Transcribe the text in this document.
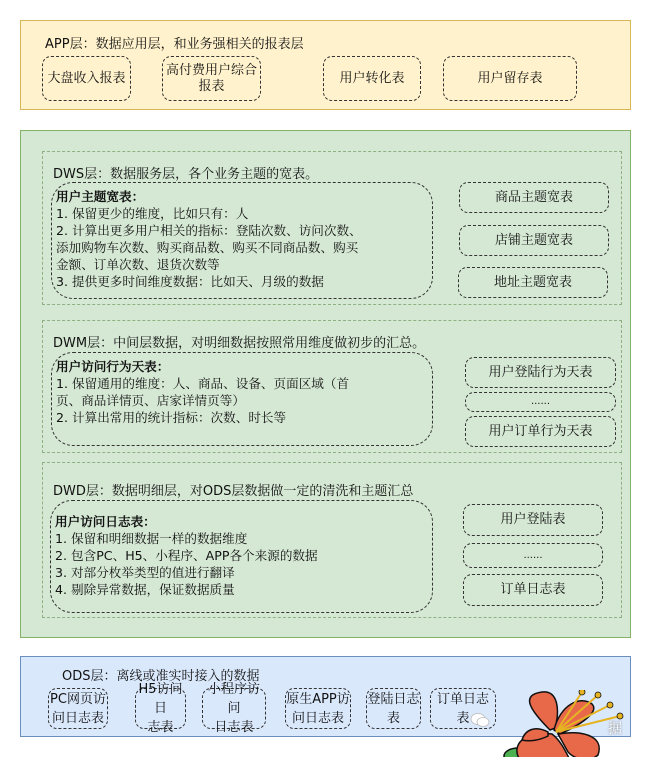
APP层：数据应用层，和业务强相关的报表层
大盘收入报表
高付费用户综合报表
用户转化表	用户留存表
DWS层：数据服务层，各个业务主题的宽表。
用户主题宽表：
1. 保留更少的维度，比如只有：人
2. 计算出更多用户相关的指标：登陆次数、访问次数、
添加购物车次数、购买商品数、购买不同商品数、购买
金额、订单次数、退货次数等
3. 提供更多时间维度数据：比如天、月级的数据
商品主题宽表
店铺主题宽表
地址主题宽表
DWM层：中间层数据，对明细数据按照常用维度做初步的汇总。
用户访问行为天表：
1. 保留通用的维度：人、商品、设备、页面区域（首
页、商品详情页、店家详情页等）
2. 计算出常用的统计指标：次数、时长等
用户登陆行为天表
......
用户订单行为天表
DWD层：数据明细层，对ODS层数据做一定的清洗和主题汇总
用户访问日志表：
1. 保留和明细数据一样的数据维度
2. 包含PC、H5、小程序、APP各个来源的数据
3. 对部分枚举类型的值进行翻译
4. 剔除异常数据，保证数据质量
用户登陆表
......
订单日志表
ODS层：离线或准实时接入的数据
PC网页访
问日志表
H5访问日
志表
小程序访问
日志表
原生APP访
问日志表
登陆日志
表
订单日志
表
据
